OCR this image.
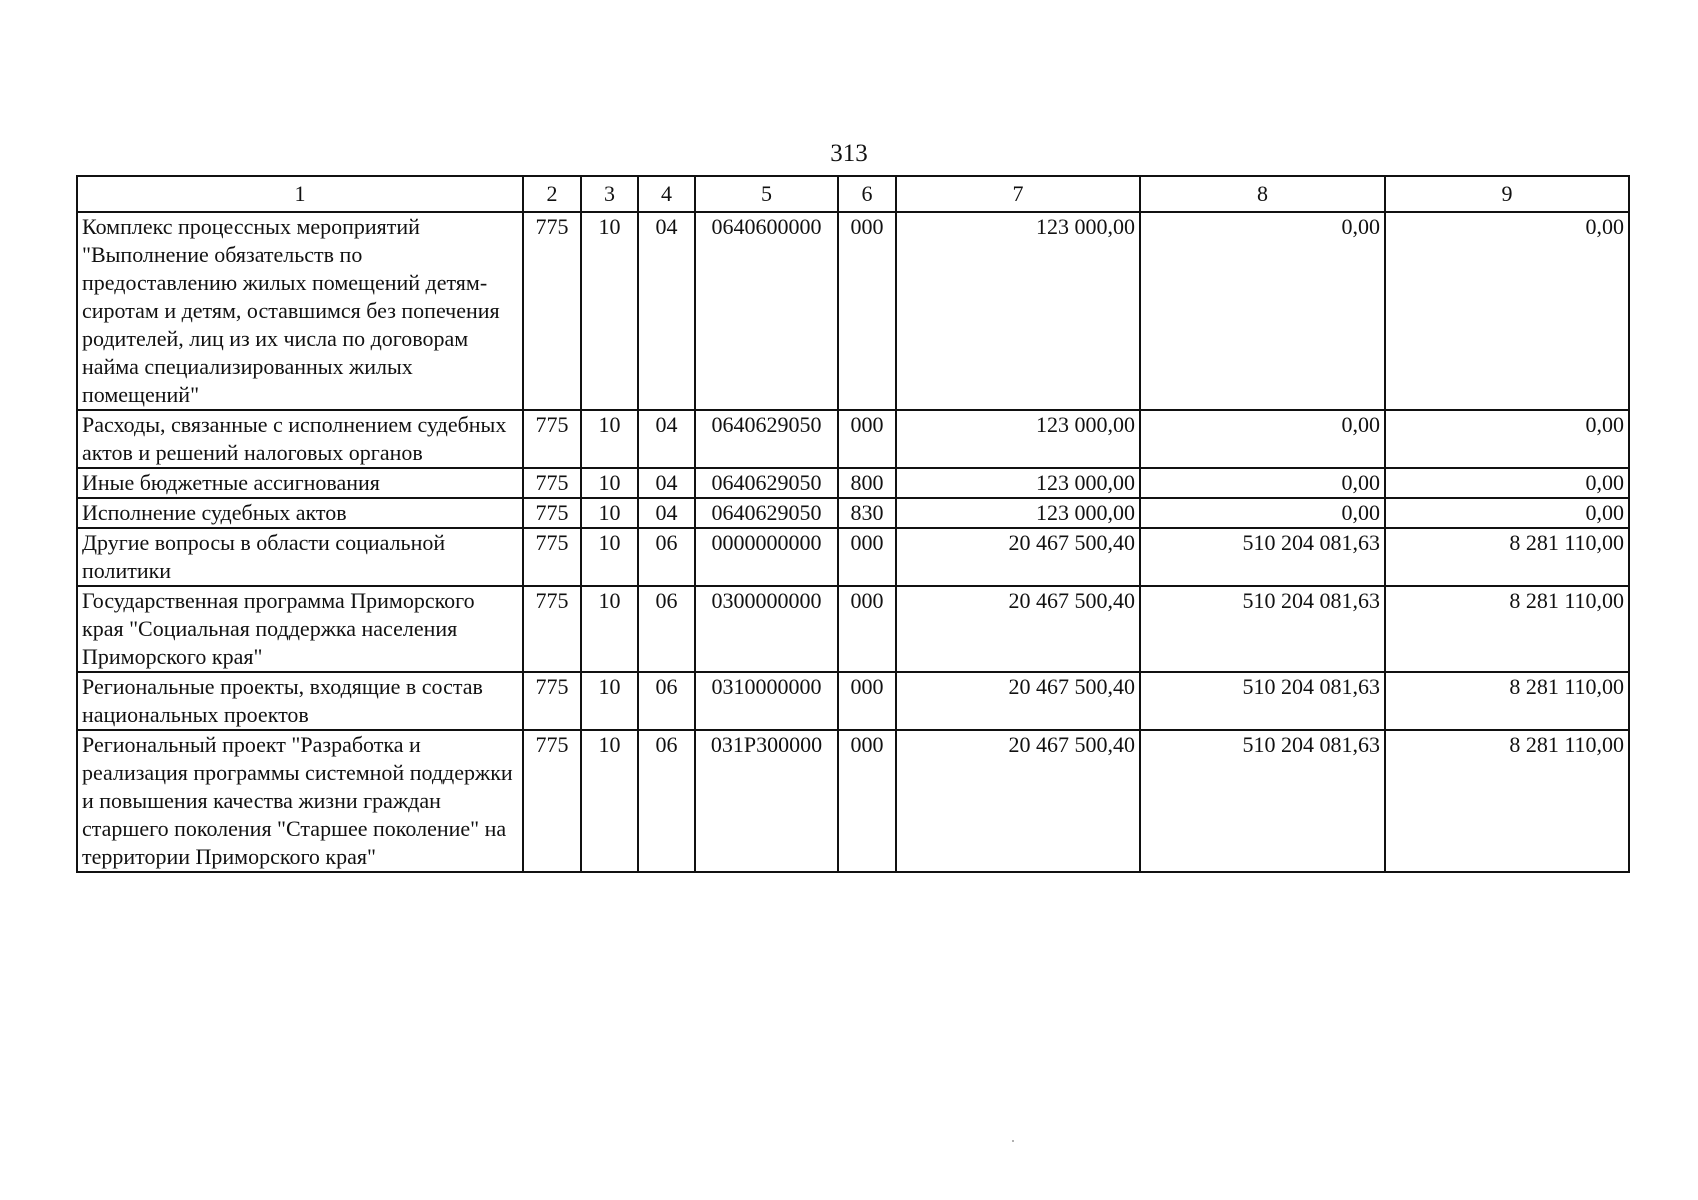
313
1	2	3	4	5	6	7	8	9
Комплекс процессных мероприятий "Выполнение обязательств по предоставлению жилых помещений детям-сиротам и детям, оставшимся без попечения родителей, лиц из их числа по договорам найма специализированных жилых помещений"	775	10	04	0640600000	000	123 000,00	0,00	0,00
Расходы, связанные с исполнением судебных актов и решений налоговых органов	775	10	04	0640629050	000	123 000,00	0,00	0,00
Иные бюджетные ассигнования	775	10	04	0640629050	800	123 000,00	0,00	0,00
Исполнение судебных актов	775	10	04	0640629050	830	123 000,00	0,00	0,00
Другие вопросы в области социальной политики	775	10	06	0000000000	000	20 467 500,40	510 204 081,63	8 281 110,00
Государственная программа Приморского края "Социальная поддержка населения Приморского края"	775	10	06	0300000000	000	20 467 500,40	510 204 081,63	8 281 110,00
Региональные проекты, входящие в состав национальных проектов	775	10	06	0310000000	000	20 467 500,40	510 204 081,63	8 281 110,00
Региональный проект "Разработка и реализация программы системной поддержки и повышения качества жизни граждан старшего поколения "Старшее поколение" на территории Приморского края"	775	10	06	031P300000	000	20 467 500,40	510 204 081,63	8 281 110,00
